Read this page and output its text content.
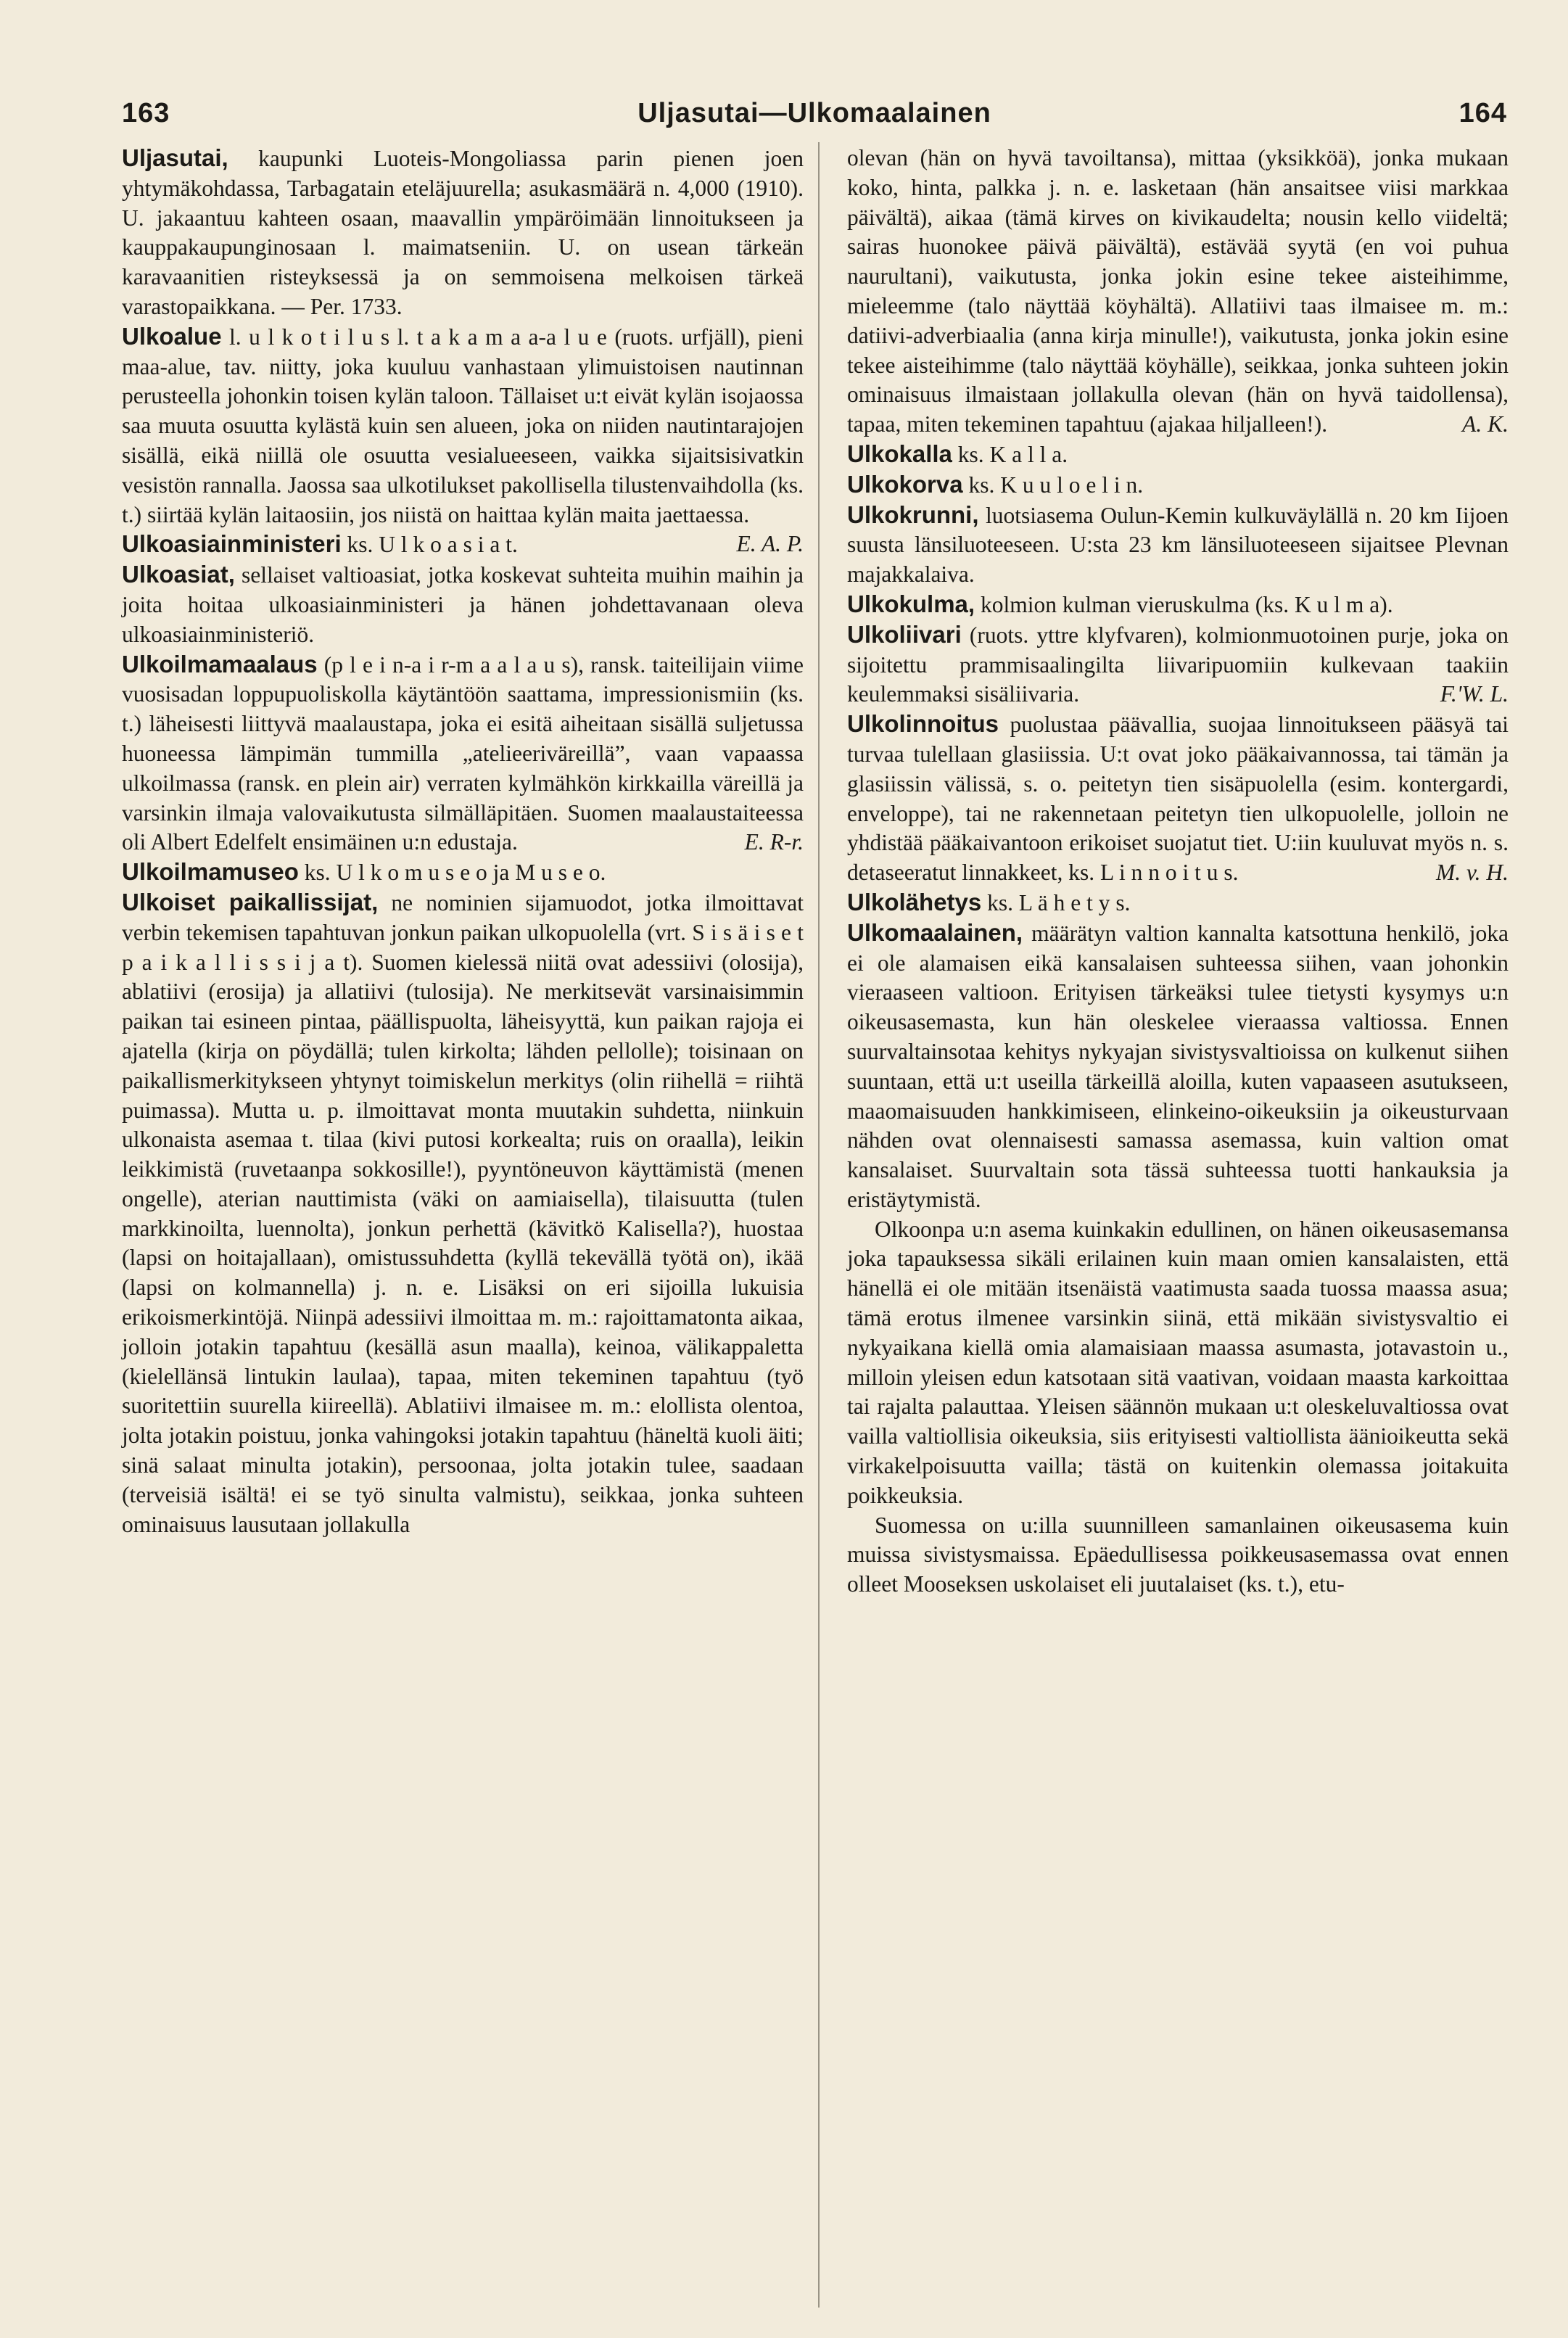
163	Uljasutai—Ulkomaalainen	164

Uljasutai, kaupunki Luoteis-Mongoliassa parin pienen joen yhtymäkohdassa, Tarbagatain eteläjuurella; asukasmäärä n. 4,000 (1910). U. jakaantuu kahteen osaan, maavallin ympäröimään linnoitukseen ja kauppakaupunginosaan l. maimatseniin. U. on usean tärkeän karavaanitien risteyksessä ja on semmoisena melkoisen tärkeä varastopaikkana. — Per. 1733.

Ulkoalue l. u l k o t i l u s l. t a k a m a a-a l u e (ruots. urfjäll), pieni maa-alue, tav. niitty, joka kuuluu vanhastaan ylimuistoisen nautinnan perusteella johonkin toisen kylän taloon. Tällaiset u:t eivät kylän isojaossa saa muuta osuutta kylästä kuin sen alueen, joka on niiden nautintarajojen sisällä, eikä niillä ole osuutta vesialueeseen, vaikka sijaitsisivatkin vesistön rannalla. Jaossa saa ulkotilukset pakollisella tilustenvaihdolla (ks. t.) siirtää kylän laitaosiin, jos niistä on haittaa kylän maita jaettaessa.
E. A. P.

Ulkoasiainministeri ks. U l k o a s i a t.

Ulkoasiat, sellaiset valtioasiat, jotka koskevat suhteita muihin maihin ja joita hoitaa ulkoasiainministeri ja hänen johdettavanaan oleva ulkoasiainministeriö.

Ulkoilmamaalaus (p l e i n-a i r-m a a l a u s), ransk. taiteilijain viime vuosisadan loppupuoliskolla käytäntöön saattama, impressionismiin (ks. t.) läheisesti liittyvä maalaustapa, joka ei esitä aiheitaan sisällä suljetussa huoneessa lämpimän tummilla „atelieeriväreillä”, vaan vapaassa ulkoilmassa (ransk. en plein air) verraten kylmähkön kirkkailla väreillä ja varsinkin ilmaja valovaikutusta silmälläpitäen. Suomen maalaustaiteessa oli Albert Edelfelt ensimäinen u:n edustaja.	E. R-r.

Ulkoilmamuseo ks. U l k o m u s e o ja M u s e o.

Ulkoiset paikallissijat, ne nominien sijamuodot, jotka ilmoittavat verbin tekemisen tapahtuvan jonkun paikan ulkopuolella (vrt. S i s ä i s e t p a i k a l l i s s i j a t). Suomen kielessä niitä ovat adessiivi (olosija), ablatiivi (erosija) ja allatiivi (tulosija). Ne merkitsevät varsinaisimmin paikan tai esineen pintaa, päällispuolta, läheisyyttä, kun paikan rajoja ei ajatella (kirja on pöydällä; tulen kirkolta; lähden pellolle); toisinaan on paikallismerkitykseen yhtynyt toimiskelun merkitys (olin riihellä = riihtä puimassa). Mutta u. p. ilmoittavat monta muutakin suhdetta, niinkuin ulkonaista asemaa t. tilaa (kivi putosi korkealta; ruis on oraalla), leikin leikkimistä (ruvetaanpa sokkosille!), pyyntöneuvon käyttämistä (menen ongelle), aterian nauttimista (väki on aamiaisella), tilaisuutta (tulen markkinoilta, luennolta), jonkun perhettä (kävitkö Kalisella?), huostaa (lapsi on hoitajallaan), omistussuhdetta (kyllä tekevällä työtä on), ikää (lapsi on kolmannella) j. n. e. Lisäksi on eri sijoilla lukuisia erikoismerkintöjä. Niinpä adessiivi ilmoittaa m. m.: rajoittamatonta aikaa, jolloin jotakin tapahtuu (kesällä asun maalla), keinoa, välikappaletta (kielellänsä lintukin laulaa), tapaa, miten tekeminen tapahtuu (työ suoritettiin suurella kiireellä). Ablatiivi ilmaisee m. m.: elollista olentoa, jolta jotakin poistuu, jonka vahingoksi jotakin tapahtuu (häneltä kuoli äiti; sinä salaat minulta jotakin), persoonaa, jolta jotakin tulee, saadaan (terveisiä isältä! ei se työ sinulta valmistu), seikkaa, jonka suhteen ominaisuus lausutaan jollakulla

olevan (hän on hyvä tavoiltansa), mittaa (yksikköä), jonka mukaan koko, hinta, palkka j. n. e. lasketaan (hän ansaitsee viisi markkaa päivältä), aikaa (tämä kirves on kivikaudelta; nousin kello viideltä; sairas huonokee päivä päivältä), estävää syytä (en voi puhua naurultani), vaikutusta, jonka jokin esine tekee aisteihimme, mieleemme (talo näyttää köyhältä). Allatiivi taas ilmaisee m. m.: datiivi-adverbiaalia (anna kirja minulle!), vaikutusta, jonka jokin esine tekee aisteihimme (talo näyttää köyhälle), seikkaa, jonka suhteen jokin ominaisuus ilmaistaan jollakulla olevan (hän on hyvä taidollensa), tapaa, miten tekeminen tapahtuu (ajakaa hiljalleen!).	A. K.

Ulkokalla ks. K a l l a.

Ulkokorva ks. K u u l o e l i n.

Ulkokrunni, luotsiasema Oulun-Kemin kulkuväylällä n. 20 km Iijoen suusta länsiluoteeseen. U:sta 23 km länsiluoteeseen sijaitsee Plevnan majakkalaiva.

Ulkokulma, kolmion kulman vieruskulma (ks. K u l m a).

Ulkoliivari (ruots. yttre klyfvaren), kolmionmuotoinen purje, joka on sijoitettu prammisaalingilta liivaripuomiin kulkevaan taakiin keulemmaksi sisäliivaria.	F.'W. L.

Ulkolinnoitus puolustaa päävallia, suojaa linnoitukseen pääsyä tai turvaa tulellaan glasiissia. U:t ovat joko pääkaivannossa, tai tämän ja glasiissin välissä, s. o. peitetyn tien sisäpuolella (esim. kontergardi, enveloppe), tai ne rakennetaan peitetyn tien ulkopuolelle, jolloin ne yhdistää pääkaivantoon erikoiset suojatut tiet. U:iin kuuluvat myös n. s. detaseeratut linnakkeet, ks. L i n n o i t u s.	M. v. H.

Ulkolähetys ks. L ä h e t y s.

Ulkomaalainen, määrätyn valtion kannalta katsottuna henkilö, joka ei ole alamaisen eikä kansalaisen suhteessa siihen, vaan johonkin vieraaseen valtioon. Erityisen tärkeäksi tulee tietysti kysymys u:n oikeusasemasta, kun hän oleskelee vieraassa valtiossa. Ennen suurvaltainsotaa kehitys nykyajan sivistysvaltioissa on kulkenut siihen suuntaan, että u:t useilla tärkeillä aloilla, kuten vapaaseen asutukseen, maaomaisuuden hankkimiseen, elinkeino-oikeuksiin ja oikeusturvaan nähden ovat olennaisesti samassa asemassa, kuin valtion omat kansalaiset. Suurvaltain sota tässä suhteessa tuotti hankauksia ja eristäytymistä.

Olkoonpa u:n asema kuinkakin edullinen, on hänen oikeusasemansa joka tapauksessa sikäli erilainen kuin maan omien kansalaisten, että hänellä ei ole mitään itsenäistä vaatimusta saada tuossa maassa asua; tämä erotus ilmenee varsinkin siinä, että mikään sivistysvaltio ei nykyaikana kiellä omia alamaisiaan maassa asumasta, jotavastoin u., milloin yleisen edun katsotaan sitä vaativan, voidaan maasta karkoittaa tai rajalta palauttaa. Yleisen säännön mukaan u:t oleskeluvaltiossa ovat vailla valtiollisia oikeuksia, siis erityisesti valtiollista äänioikeutta sekä virkakelpoisuutta vailla; tästä on kuitenkin olemassa joitakuita poikkeuksia.

Suomessa on u:illa suunnilleen samanlainen oikeusasema kuin muissa sivistysmaissa. Epäedullisessa poikkeusasemassa ovat ennen olleet Mooseksen uskolaiset eli juutalaiset (ks. t.), etu-
